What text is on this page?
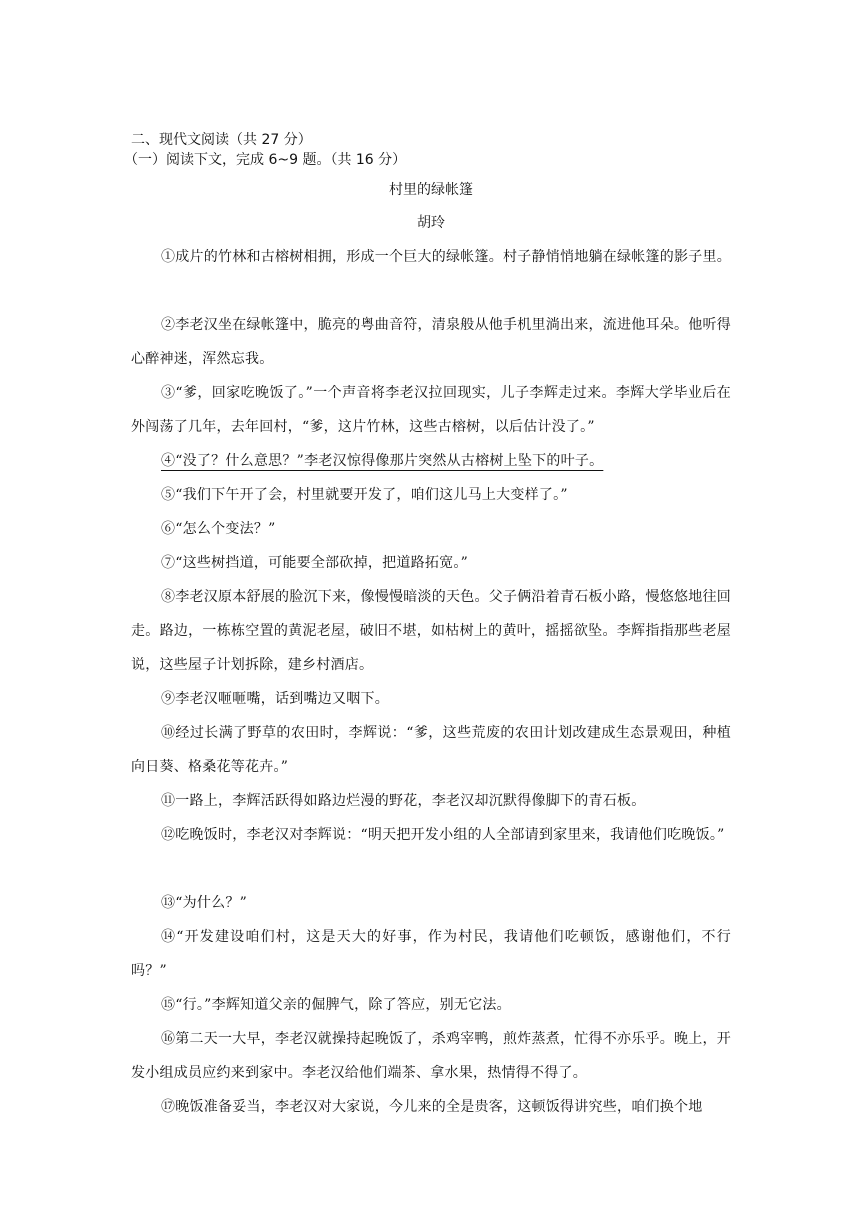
二、现代文阅读（共 27 分）
（一）阅读下文，完成 6~9 题。（共 16 分）
村里的绿帐篷
胡玲
①成片的竹林和古榕树相拥，形成一个巨大的绿帐篷。村子静悄悄地躺在绿帐篷的影子里。
②李老汉坐在绿帐篷中，脆亮的粤曲音符，清泉般从他手机里淌出来，流进他耳朵。他听得心醉神迷，浑然忘我。
③“爹，回家吃晚饭了。”一个声音将李老汉拉回现实，儿子李辉走过来。李辉大学毕业后在外闯荡了几年，去年回村，“爹，这片竹林，这些古榕树，以后估计没了。”
④“没了？什么意思？”李老汉惊得像那片突然从古榕树上坠下的叶子。
⑤“我们下午开了会，村里就要开发了，咱们这儿马上大变样了。”
⑥“怎么个变法？”
⑦“这些树挡道，可能要全部砍掉，把道路拓宽。”
⑧李老汉原本舒展的脸沉下来，像慢慢暗淡的天色。父子俩沿着青石板小路，慢悠悠地往回走。路边，一栋栋空置的黄泥老屋，破旧不堪，如枯树上的黄叶，摇摇欲坠。李辉指指那些老屋说，这些屋子计划拆除，建乡村酒店。
⑨李老汉咂咂嘴，话到嘴边又咽下。
⑩经过长满了野草的农田时，李辉说：“爹，这些荒废的农田计划改建成生态景观田，种植向日葵、格桑花等花卉。”
⑪一路上，李辉活跃得如路边烂漫的野花，李老汉却沉默得像脚下的青石板。
⑫吃晚饭时，李老汉对李辉说：“明天把开发小组的人全部请到家里来，我请他们吃晚饭。”
⑬“为什么？”
⑭“开发建设咱们村，这是天大的好事，作为村民，我请他们吃顿饭，感谢他们，不行吗？”
⑮“行。”李辉知道父亲的倔脾气，除了答应，别无它法。
⑯第二天一大早，李老汉就操持起晚饭了，杀鸡宰鸭，煎炸蒸煮，忙得不亦乐乎。晚上，开发小组成员应约来到家中。李老汉给他们端茶、拿水果，热情得不得了。
⑰晚饭准备妥当，李老汉对大家说，今儿来的全是贵客，这顿饭得讲究些，咱们换个地
